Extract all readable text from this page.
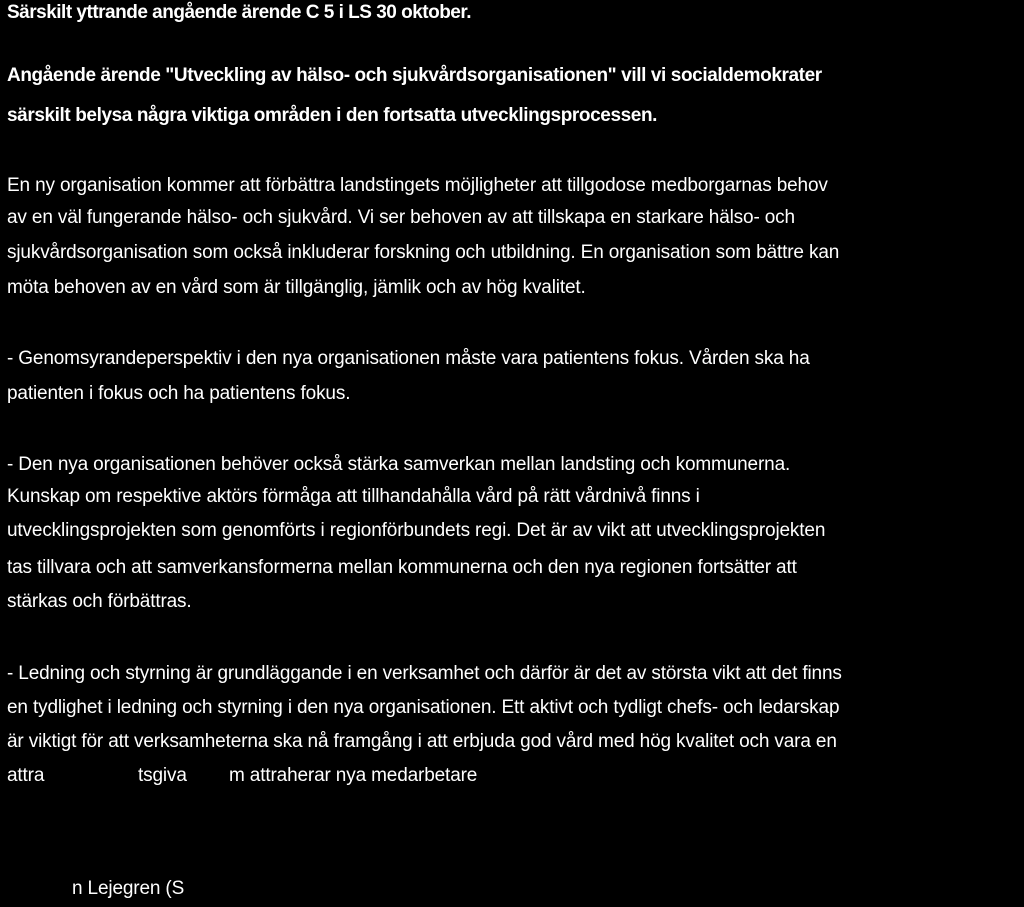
Särskilt yttrande angående ärende C 5 i LS 30 oktober.
Angående ärende "Utveckling av hälso- och sjukvårdsorganisationen" vill vi socialdemokrater
särskilt belysa några viktiga områden i den fortsatta utvecklingsprocessen.
En ny organisation kommer att förbättra landstingets möjligheter att tillgodose medborgarnas behov
av en väl fungerande hälso- och sjukvård. Vi ser behoven av att tillskapa en starkare hälso- och
sjukvårdsorganisation som också inkluderar forskning och utbildning. En organisation som bättre kan
möta behoven av en vård som är tillgänglig, jämlik och av hög kvalitet.
- Genomsyrandeperspektiv i den nya organisationen måste vara patientens fokus. Vården ska ha
patienten i fokus och ha patientens fokus.
- Den nya organisationen behöver också stärka samverkan mellan landsting och kommunerna.
Kunskap om respektive aktörs förmåga att tillhandahålla vård på rätt vårdnivå finns i
utvecklingsprojekten som genomförts i regionförbundets regi. Det är av vikt att utvecklingsprojekten
tas tillvara och att samverkansformerna mellan kommunerna och den nya regionen fortsätter att
stärkas och förbättras.
- Ledning och styrning är grundläggande i en verksamhet och därför är det av största vikt att det finns
en tydlighet i ledning och styrning i den nya organisationen. Ett aktivt och tydligt chefs- och ledarskap
är viktigt för att verksamheterna ska nå framgång i att erbjuda god vård med hög kvalitet och vara en
attra	tsgiva m attraherar nya medarbetare
n Lejegren (S
